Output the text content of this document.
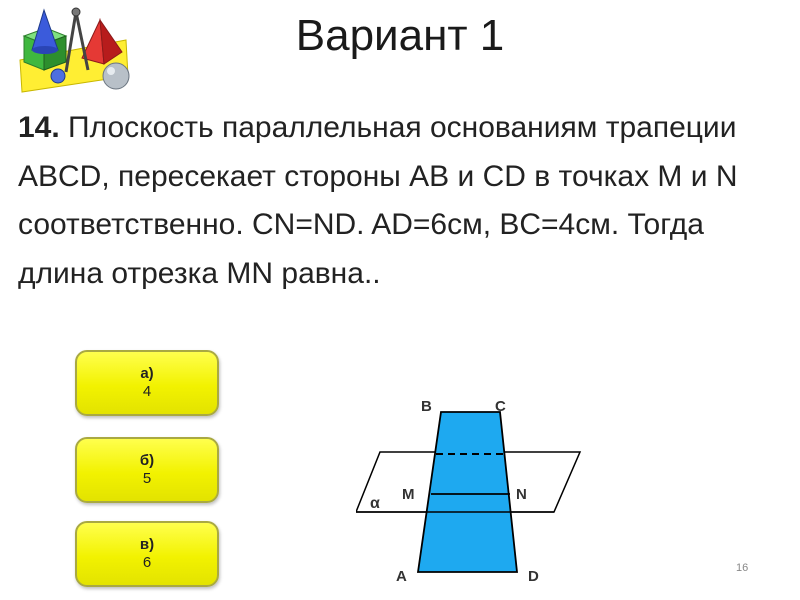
Вариант 1
14. Плоскость параллельная основаниям трапеции ABCD, пересекает стороны AB и CD в точках M и N соответственно. CN=ND. AD=6см, BC=4см. Тогда длина отрезка MN равна..
а)
4
б)
5
в)
6
B	C
M	N
α
A	D	16
